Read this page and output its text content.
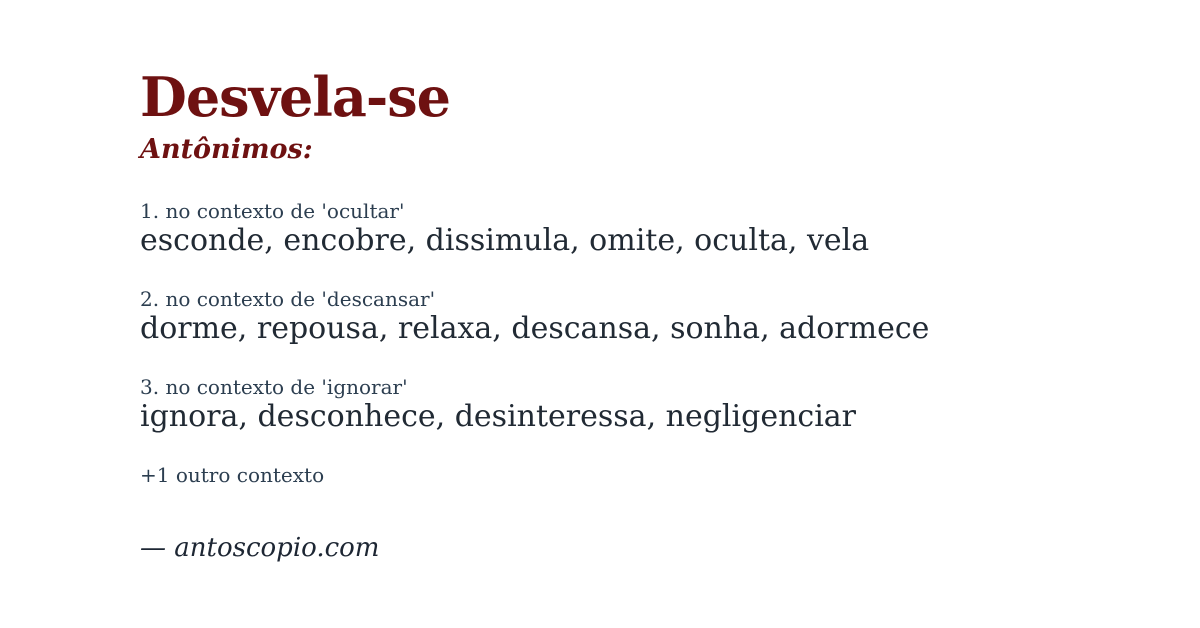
Desvela-se
Antônimos:
1. no contexto de 'ocultar'
esconde, encobre, dissimula, omite, oculta, vela
2. no contexto de 'descansar'
dorme, repousa, relaxa, descansa, sonha, adormece
3. no contexto de 'ignorar'
ignora, desconhece, desinteressa, negligenciar
+1 outro contexto
— antoscopio.com
